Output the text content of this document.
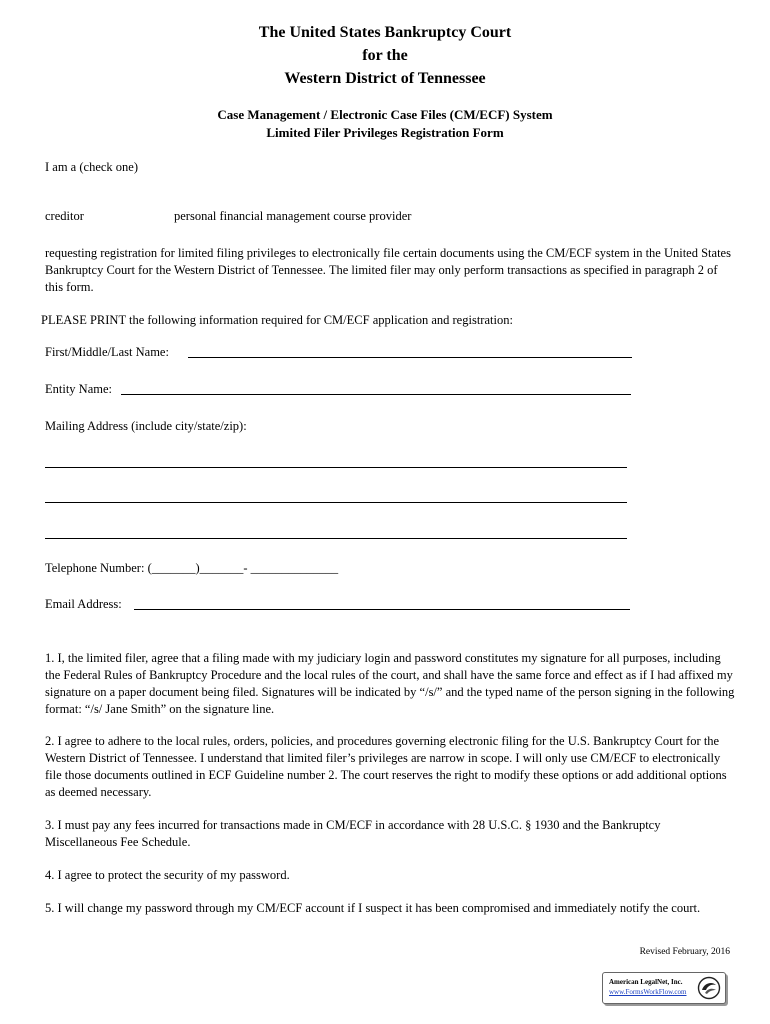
The United States Bankruptcy Court
for the
Western District of Tennessee
Case Management / Electronic Case Files (CM/ECF) System
Limited Filer Privileges Registration Form
I am a (check one)
creditor	personal financial management course provider
requesting registration for limited filing privileges to electronically file certain documents using the CM/ECF system in the United States Bankruptcy Court for the Western District of Tennessee. The limited filer may only perform transactions as specified in paragraph 2 of this form.
PLEASE PRINT the following information required for CM/ECF application and registration:
First/Middle/Last Name:
Entity Name:
Mailing Address (include city/state/zip):
Telephone Number: (_______)_______- ______________
Email Address:
1. I, the limited filer, agree that a filing made with my judiciary login and password constitutes my signature for all purposes, including the Federal Rules of Bankruptcy Procedure and the local rules of the court, and shall have the same force and effect as if I had affixed my signature on a paper document being filed. Signatures will be indicated by “/s/” and the typed name of the person signing in the following format: “/s/ Jane Smith” on the signature line.
2. I agree to adhere to the local rules, orders, policies, and procedures governing electronic filing for the U.S. Bankruptcy Court for the Western District of Tennessee. I understand that limited filer’s privileges are narrow in scope. I will only use CM/ECF to electronically file those documents outlined in ECF Guideline number 2. The court reserves the right to modify these options or add additional options as deemed necessary.
3. I must pay any fees incurred for transactions made in CM/ECF in accordance with 28 U.S.C. § 1930 and the Bankruptcy Miscellaneous Fee Schedule.
4. I agree to protect the security of my password.
5. I will change my password through my CM/ECF account if I suspect it has been compromised and immediately notify the court.
Revised February, 2016
American LegalNet, Inc.
www.FormsWorkFlow.com
